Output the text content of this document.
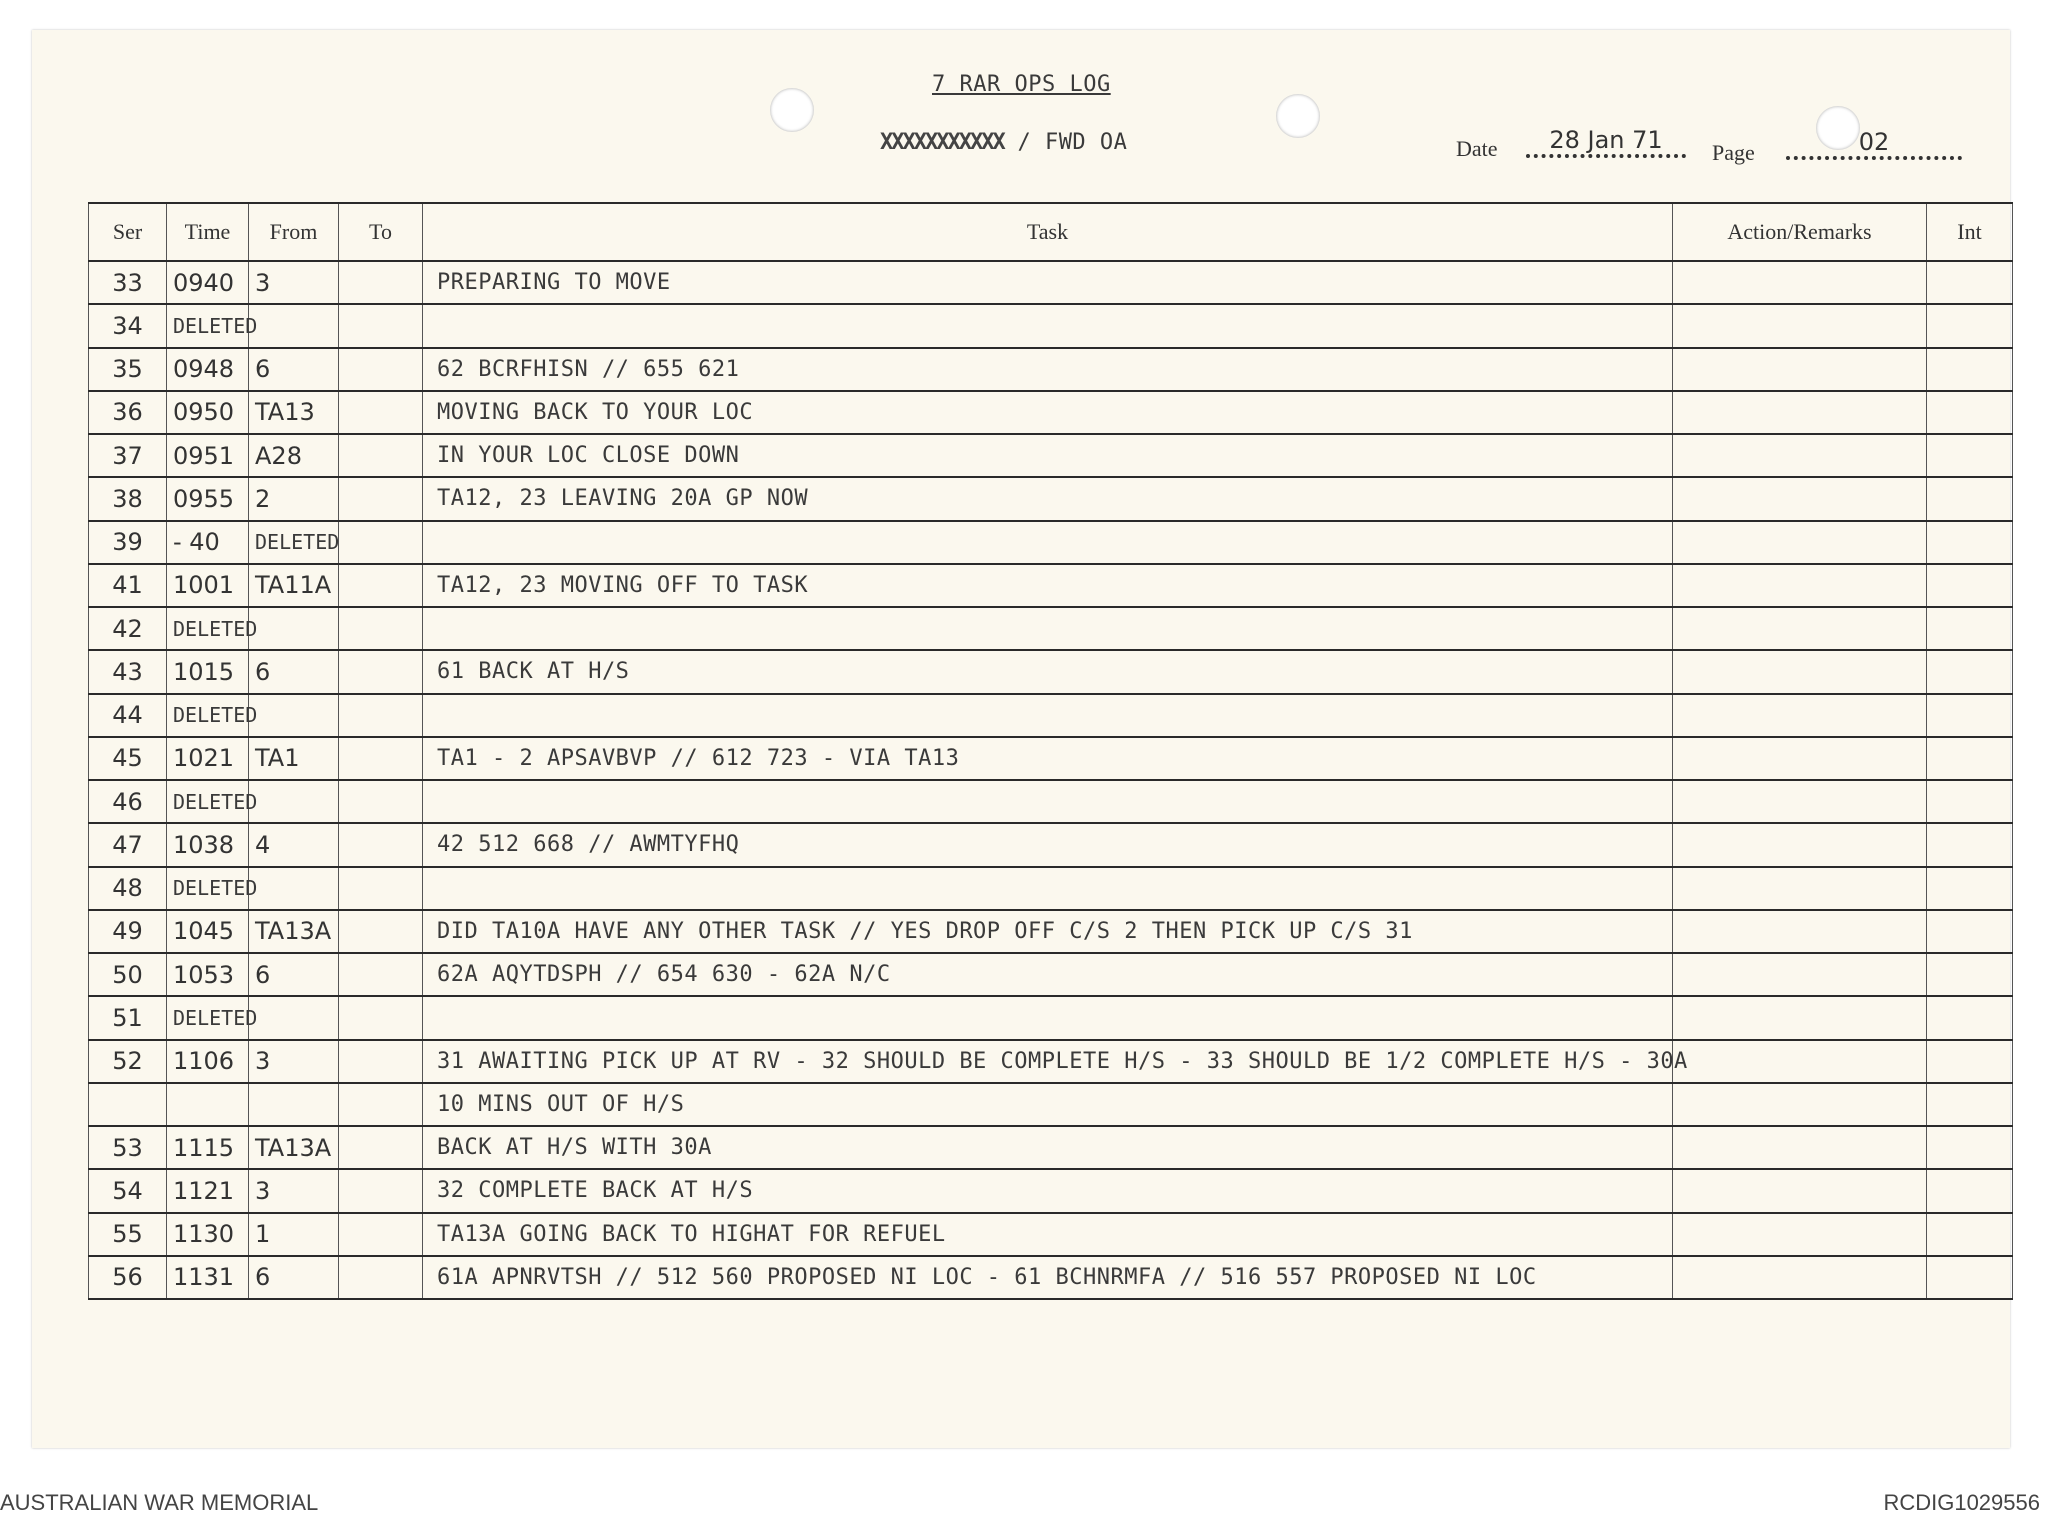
7 RAR OPS LOG
XXXXXXXXXXX / FWD OA	Date	28 Jan 71	Page	02
Ser	Time	From	To	Task	Action/Remarks	Int
33	0940	3		PREPARING TO MOVE		
34	DELETED					
35	0948	6		62 BCRFHISN // 655 621		
36	0950	TA13		MOVING BACK TO YOUR LOC		
37	0951	A28		IN YOUR LOC CLOSE DOWN		
38	0955	2		TA12, 23 LEAVING 20A GP NOW		
39	- 40	DELETED				
41	1001	TA11A		TA12, 23 MOVING OFF TO TASK		
42	DELETED					
43	1015	6		61 BACK AT H/S		
44	DELETED					
45	1021	TA1		TA1 - 2 APSAVBVP // 612 723 - VIA TA13		
46	DELETED					
47	1038	4		42 512 668 // AWMTYFHQ		
48	DELETED					
49	1045	TA13A		DID TA10A HAVE ANY OTHER TASK // YES DROP OFF C/S 2 THEN PICK UP C/S 31		
50	1053	6		62A AQYTDSPH // 654 630 - 62A N/C		
51	DELETED					
52	1106	3		31 AWAITING PICK UP AT RV - 32 SHOULD BE COMPLETE H/S - 33 SHOULD BE 1/2 COMPLETE H/S - 30A		
				10 MINS OUT OF H/S		
53	1115	TA13A		BACK AT H/S WITH 30A		
54	1121	3		32 COMPLETE BACK AT H/S		
55	1130	1		TA13A GOING BACK TO HIGHAT FOR REFUEL		
56	1131	6		61A APNRVTSH // 512 560 PROPOSED NI LOC - 61 BCHNRMFA // 516 557 PROPOSED NI LOC		
AUSTRALIAN WAR MEMORIAL	RCDIG1029556
